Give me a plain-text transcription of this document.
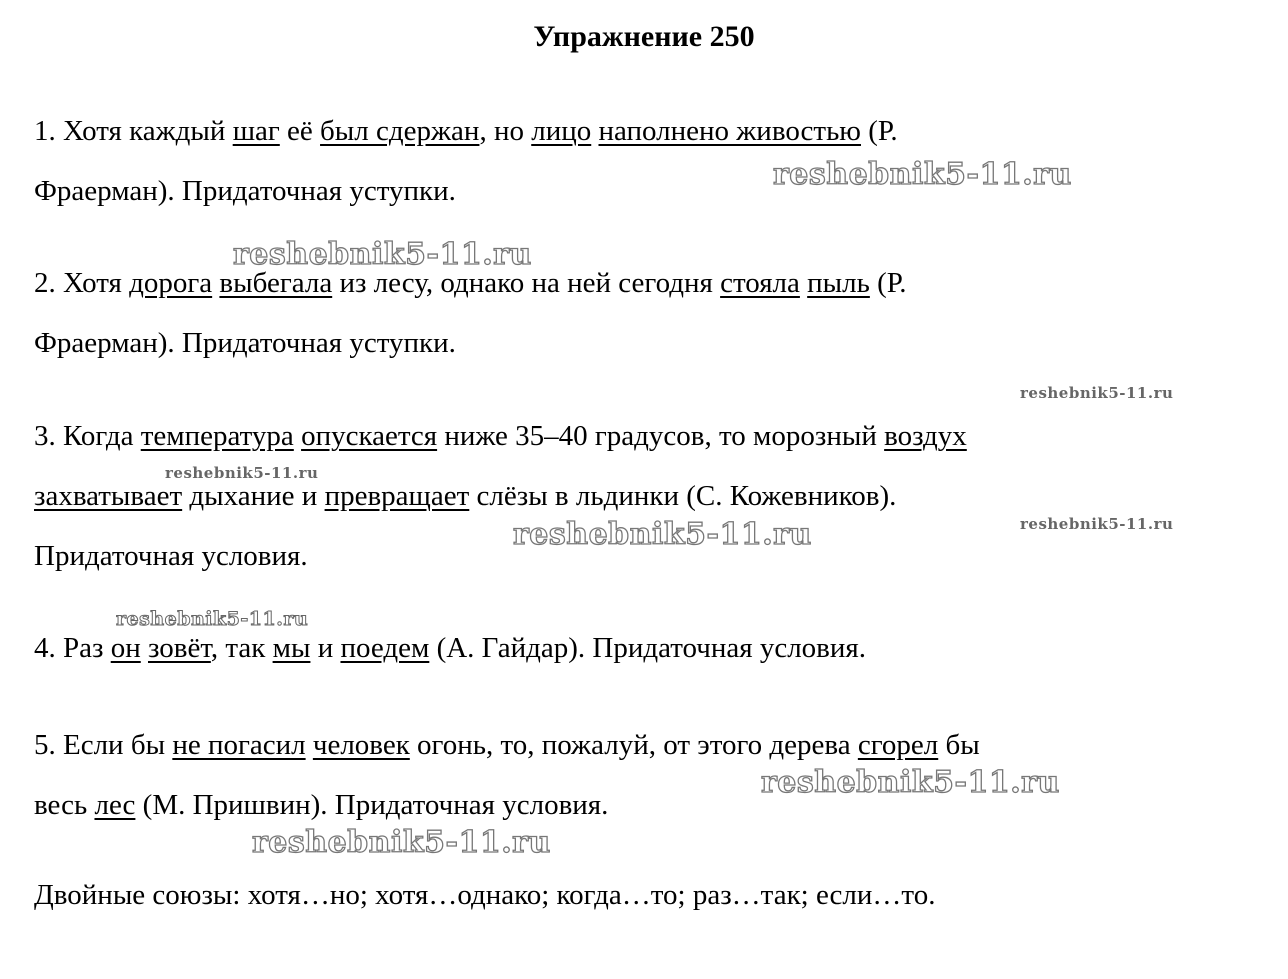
Упражнение 250
1. Хотя каждый шаг её был сдержан, но лицо наполнено живостью (Р.
Фраерман). Придаточная уступки.
2. Хотя дорога выбегала из лесу, однако на ней сегодня стояла пыль (Р.
Фраерман). Придаточная уступки.
3. Когда температура опускается ниже 35–40 градусов, то морозный воздух
захватывает дыхание и превращает слёзы в льдинки (С. Кожевников).
Придаточная условия.
4. Раз он зовёт, так мы и поедем (А. Гайдар). Придаточная условия.
5. Если бы не погасил человек огонь, то, пожалуй, от этого дерева сгорел бы
весь лес (М. Пришвин). Придаточная условия.
Двойные союзы: хотя…но; хотя…однако; когда…то; раз…так; если…то.
reshebnik5-11.ru
reshebnik5-11.ru
reshebnik5-11.ru
reshebnik5-11.ru
reshebnik5-11.ru
reshebnik5-11.ru
reshebnik5-11.ru
reshebnik5-11.ru
reshebnik5-11.ru
